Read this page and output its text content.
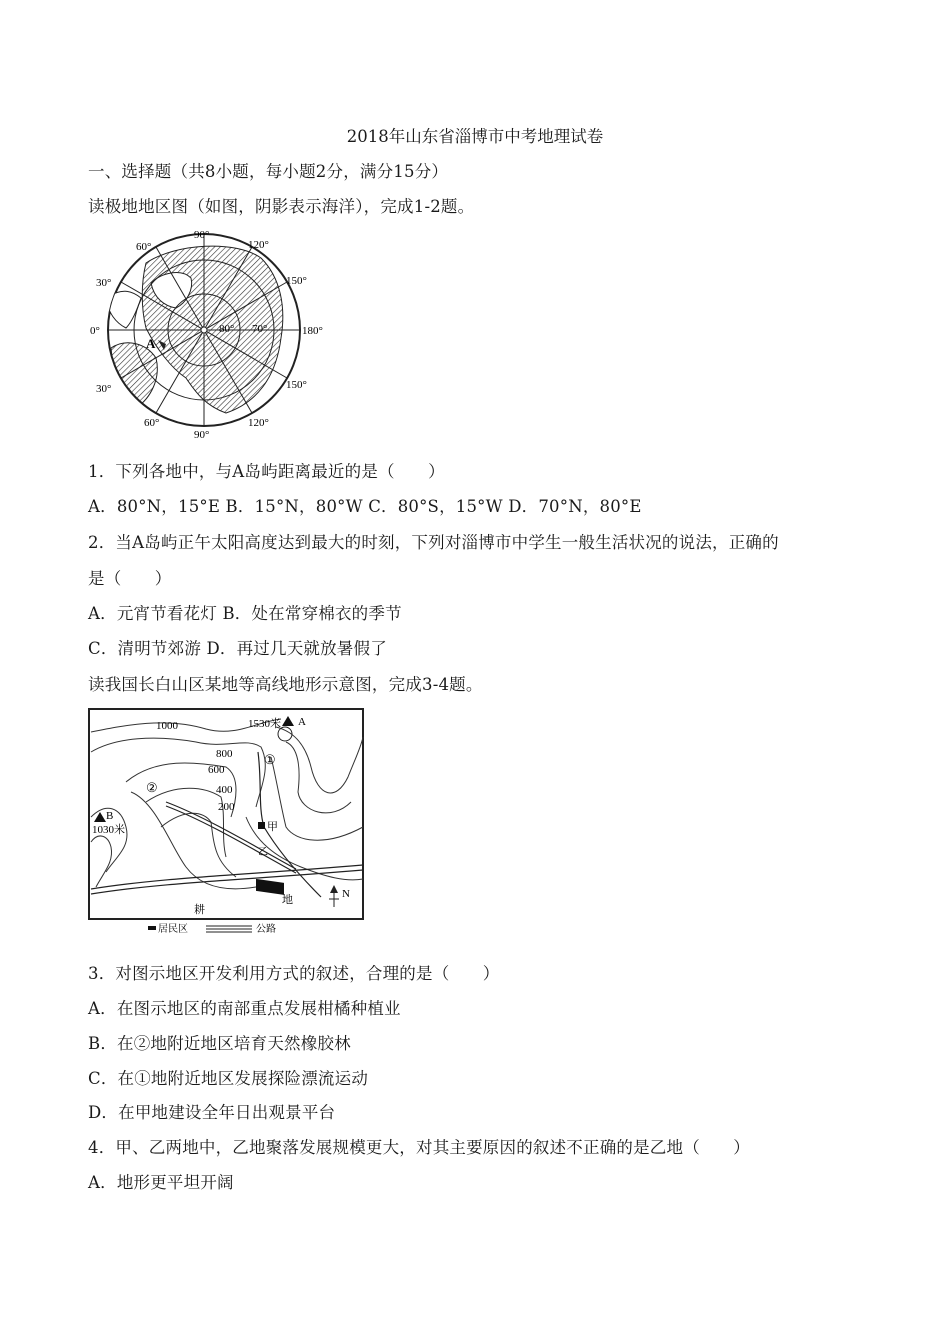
2018年山东省淄博市中考地理试卷
一、选择题（共8小题，每小题2分，满分15分）
读极地地区图（如图，阴影表示海洋），完成1-2题。
90°
120°
60°
30°
0°
30°
60°
90°
120°
150°
180°
150°
80° 70°
A
1．下列各地中，与A岛屿距离最近的是（　　）
A．80°N，15°E B．15°N，80°W C．80°S，15°W D．70°N，80°E
2．当A岛屿正午太阳高度达到最大的时刻，下列对淄博市中学生一般生活状况的说法，正确的
是（　　）
A．元宵节看花灯 B．处在常穿棉衣的季节
C．清明节郊游 D．再过几天就放暑假了
读我国长白山区某地等高线地形示意图，完成3-4题。
1000	1530米 A
800
600
400
200
①
②
B
1030米	甲
乙
耕
地	N
居民区	公路
3．对图示地区开发利用方式的叙述，合理的是（　　）
A．在图示地区的南部重点发展柑橘种植业
B．在②地附近地区培育天然橡胶林
C．在①地附近地区发展探险漂流运动
D．在甲地建设全年日出观景平台
4．甲、乙两地中，乙地聚落发展规模更大，对其主要原因的叙述不正确的是乙地（　　）
A．地形更平坦开阔
